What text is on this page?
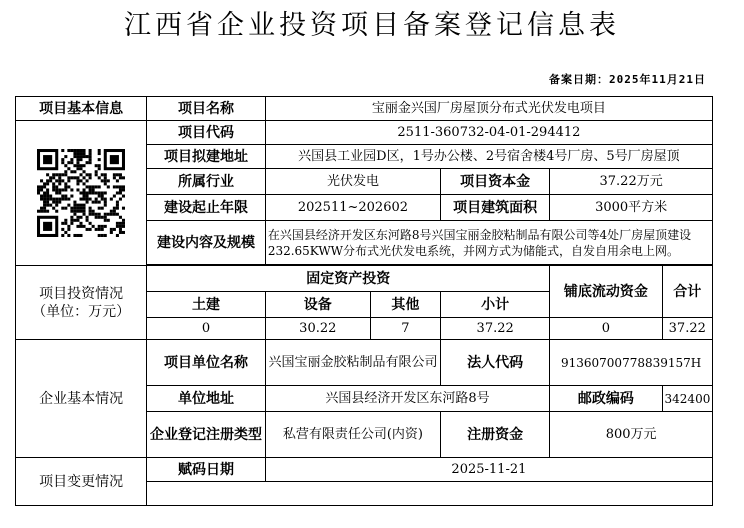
江西省企业投资项目备案登记信息表
备案日期：2025年11月21日
项目基本信息	项目名称	宝丽金兴国厂房屋顶分布式光伏发电项目				

	项目代码	2511-360732-04-01-294412				
	项目拟建地址	兴国县工业园D区，1号办公楼、2号宿舍楼4号厂房、5号厂房屋顶				
	所属行业	光伏发电		项目资本金	37.22万元	
	建设起止年限	202511~202602		项目建筑面积	3000平方米	
	建设内容及规模	在兴国县经济开发区东河路8号兴国宝丽金胶粘制品有限公司等4处厂房屋顶建设232.65KWW分布式光伏发电系统，并网方式为储能式，自发自用余电上网。				

项目投资情况
（单位：万元）	固定资产投资				铺底流动资金	合计
	土建	设备	其他	小计		
	0	30.22	7	37.22	0	37.22
企业基本情况	项目单位名称	兴国宝丽金胶粘制品有限公司		法人代码	91360700778839157H	
	单位地址	兴国县经济开发区东河路8号			邮政编码	342400
	企业登记注册类型	私营有限责任公司(内资)		注册资金	800万元	
项目变更情况	赋码日期	2025-11-21				
